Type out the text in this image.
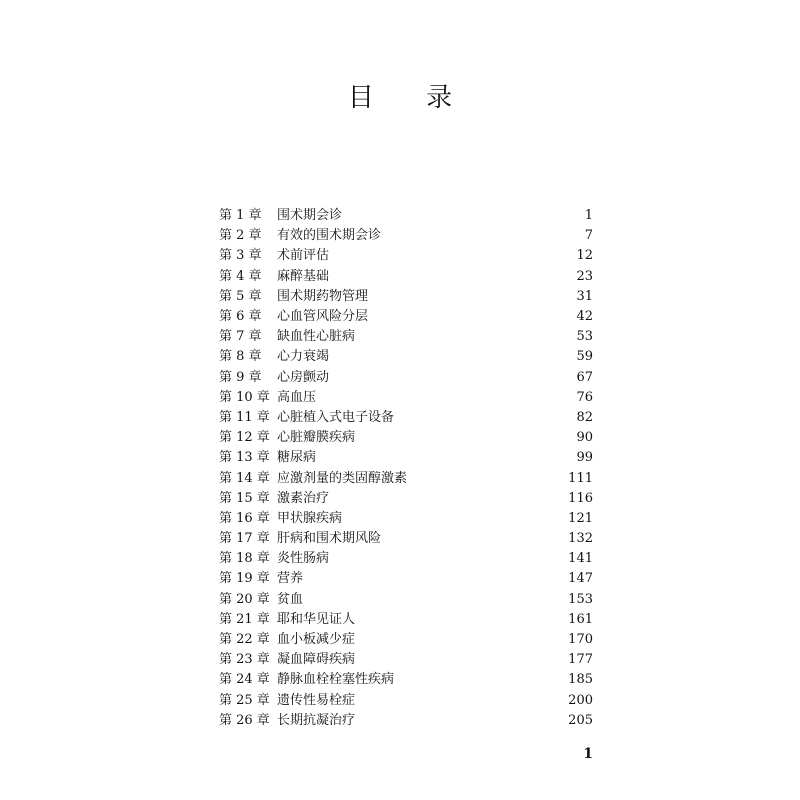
目 录
第 1 章	围术期会诊	1
第 2 章	有效的围术期会诊	7
第 3 章	术前评估	12
第 4 章	麻醉基础	23
第 5 章	围术期药物管理	31
第 6 章	心血管风险分层	42
第 7 章	缺血性心脏病	53
第 8 章	心力衰竭	59
第 9 章	心房颤动	67
第 10 章 高血压	76
第 11 章 心脏植入式电子设备	82
第 12 章 心脏瓣膜疾病	90
第 13 章 糖尿病	99
第 14 章 应激剂量的类固醇激素	111
第 15 章 激素治疗	116
第 16 章 甲状腺疾病	121
第 17 章 肝病和围术期风险	132
第 18 章 炎性肠病	141
第 19 章 营养	147
第 20 章 贫血	153
第 21 章 耶和华见证人	161
第 22 章 血小板减少症	170
第 23 章 凝血障碍疾病	177
第 24 章 静脉血栓栓塞性疾病	185
第 25 章 遗传性易栓症	200
第 26 章 长期抗凝治疗	205
1
